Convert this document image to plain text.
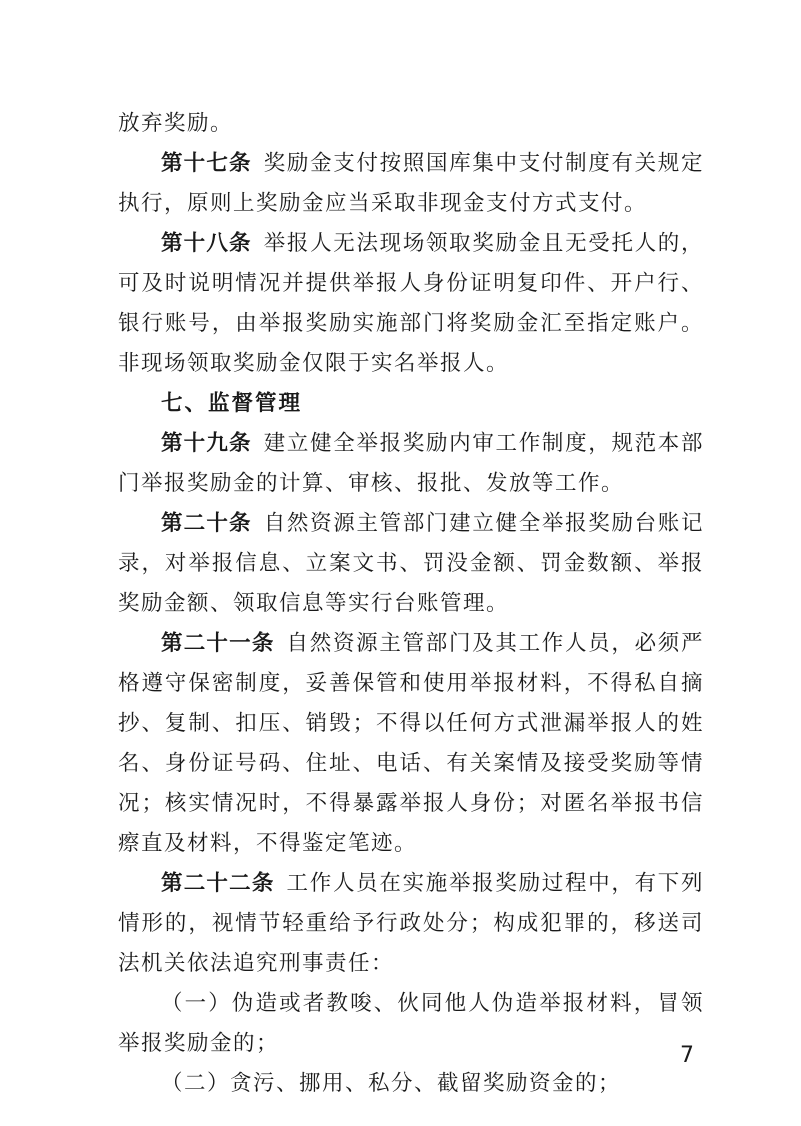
放弃奖励。

第十七条 奖励金支付按照国库集中支付制度有关规定执行，原则上奖励金应当采取非现金支付方式支付。

第十八条 举报人无法现场领取奖励金且无受托人的，可及时说明情况并提供举报人身份证明复印件、开户行、银行账号，由举报奖励实施部门将奖励金汇至指定账户。非现场领取奖励金仅限于实名举报人。

七、监督管理

第十九条 建立健全举报奖励内审工作制度，规范本部门举报奖励金的计算、审核、报批、发放等工作。

第二十条 自然资源主管部门建立健全举报奖励台账记录，对举报信息、立案文书、罚没金额、罚金数额、举报奖励金额、领取信息等实行台账管理。

第二十一条 自然资源主管部门及其工作人员，必须严格遵守保密制度，妥善保管和使用举报材料，不得私自摘抄、复制、扣压、销毁；不得以任何方式泄漏举报人的姓名、身份证号码、住址、电话、有关案情及接受奖励等情况；核实情况时，不得暴露举报人身份；对匿名举报书信瘵直及材料，不得鉴定笔迹。

第二十二条 工作人员在实施举报奖励过程中，有下列情形的，视情节轻重给予行政处分；构成犯罪的，移送司法机关依法追究刑事责任：

（一）伪造或者教唆、伙同他人伪造举报材料，冒领举报奖励金的；

（二）贪污、挪用、私分、截留奖励资金的；

7
